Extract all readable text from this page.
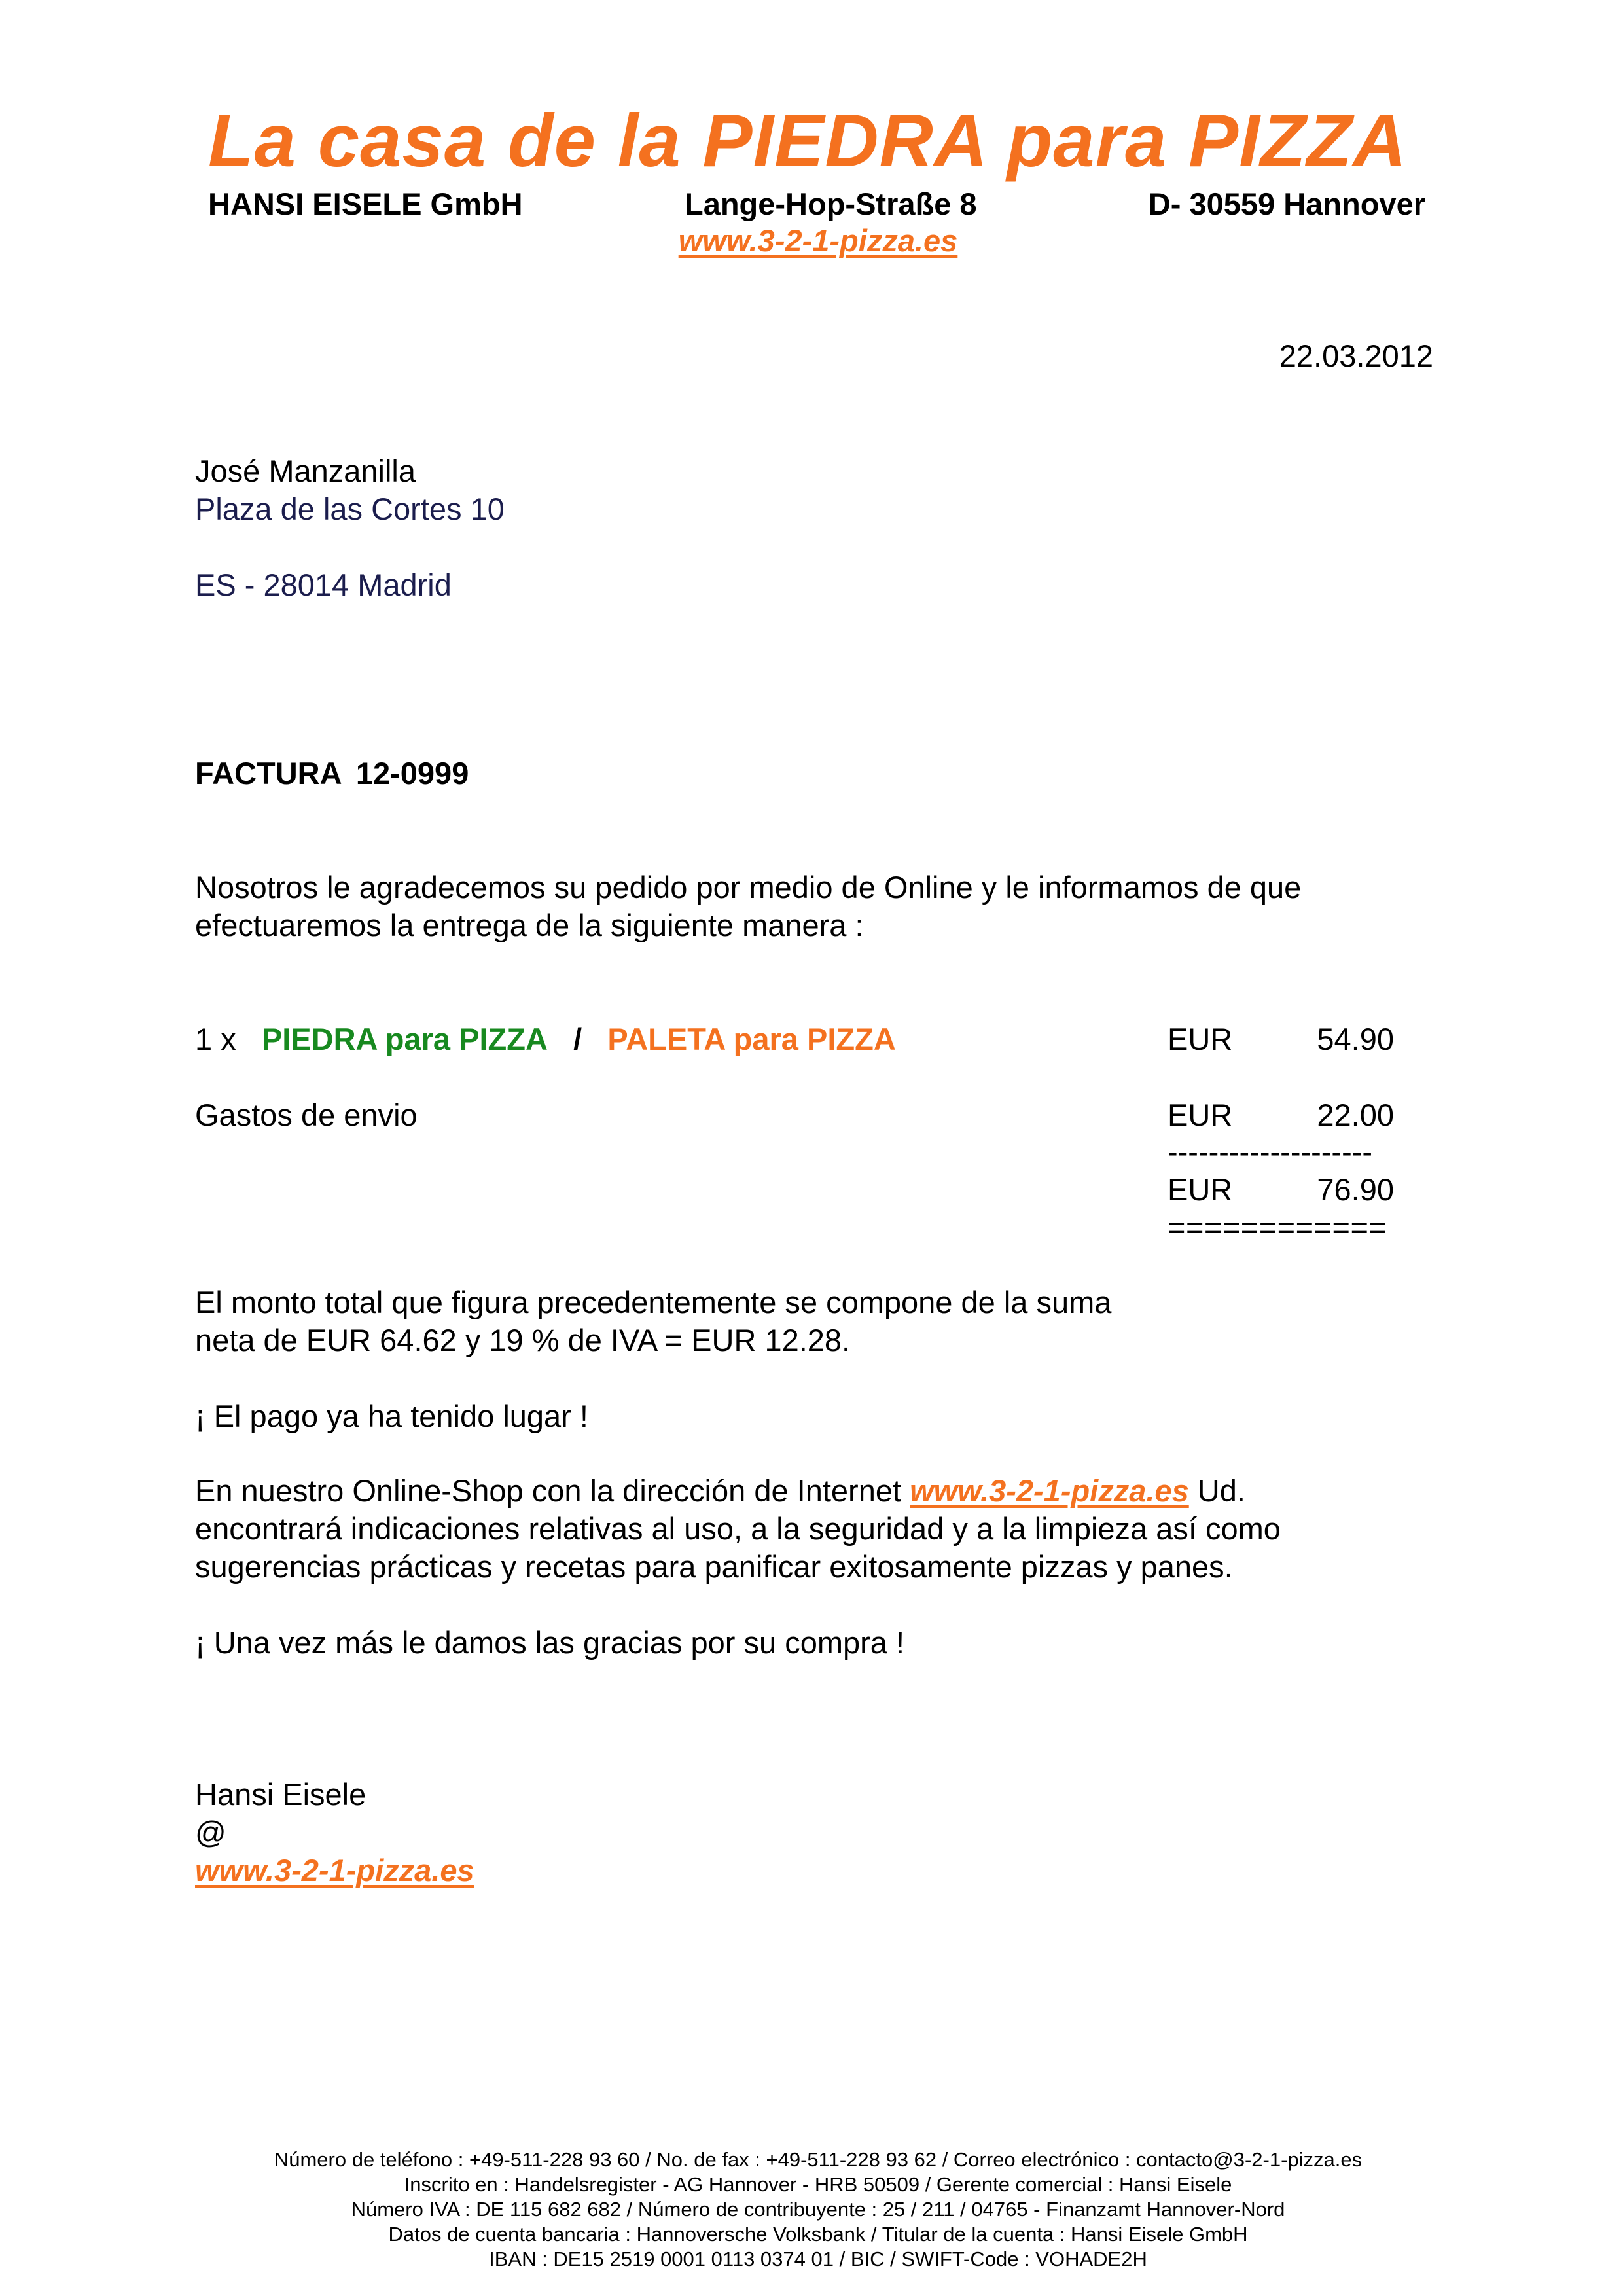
La casa de la PIEDRA para PIZZA
HANSI EISELE GmbH	Lange-Hop-Straße 8	D- 30559 Hannover
www.3-2-1-pizza.es
22.03.2012
José Manzanilla
Plaza de las Cortes 10
ES - 28014 Madrid
FACTURA 12-0999
Nosotros le agradecemos su pedido por medio de Online y le informamos de que
efectuaremos la entrega de la siguiente manera :
1 x PIEDRA para PIZZA / PALETA para PIZZA	EUR	54.90
Gastos de envio	EUR	22.00
--------------------
EUR	76.90
============
El monto total que figura precedentemente se compone de la suma
neta de EUR 64.62 y 19 % de IVA = EUR 12.28.
¡ El pago ya ha tenido lugar !
En nuestro Online-Shop con la dirección de Internet www.3-2-1-pizza.es Ud.
encontrará indicaciones relativas al uso, a la seguridad y a la limpieza así como
sugerencias prácticas y recetas para panificar exitosamente pizzas y panes.
¡ Una vez más le damos las gracias por su compra !
Hansi Eisele
@
www.3-2-1-pizza.es
Número de teléfono : +49-511-228 93 60 / No. de fax : +49-511-228 93 62 / Correo electrónico : contacto@3-2-1-pizza.es
Inscrito en : Handelsregister - AG Hannover - HRB 50509 / Gerente comercial : Hansi Eisele
Número IVA : DE 115 682 682 / Número de contribuyente : 25 / 211 / 04765 - Finanzamt Hannover-Nord
Datos de cuenta bancaria : Hannoversche Volksbank / Titular de la cuenta : Hansi Eisele GmbH
IBAN : DE15 2519 0001 0113 0374 01 / BIC / SWIFT-Code : VOHADE2H
